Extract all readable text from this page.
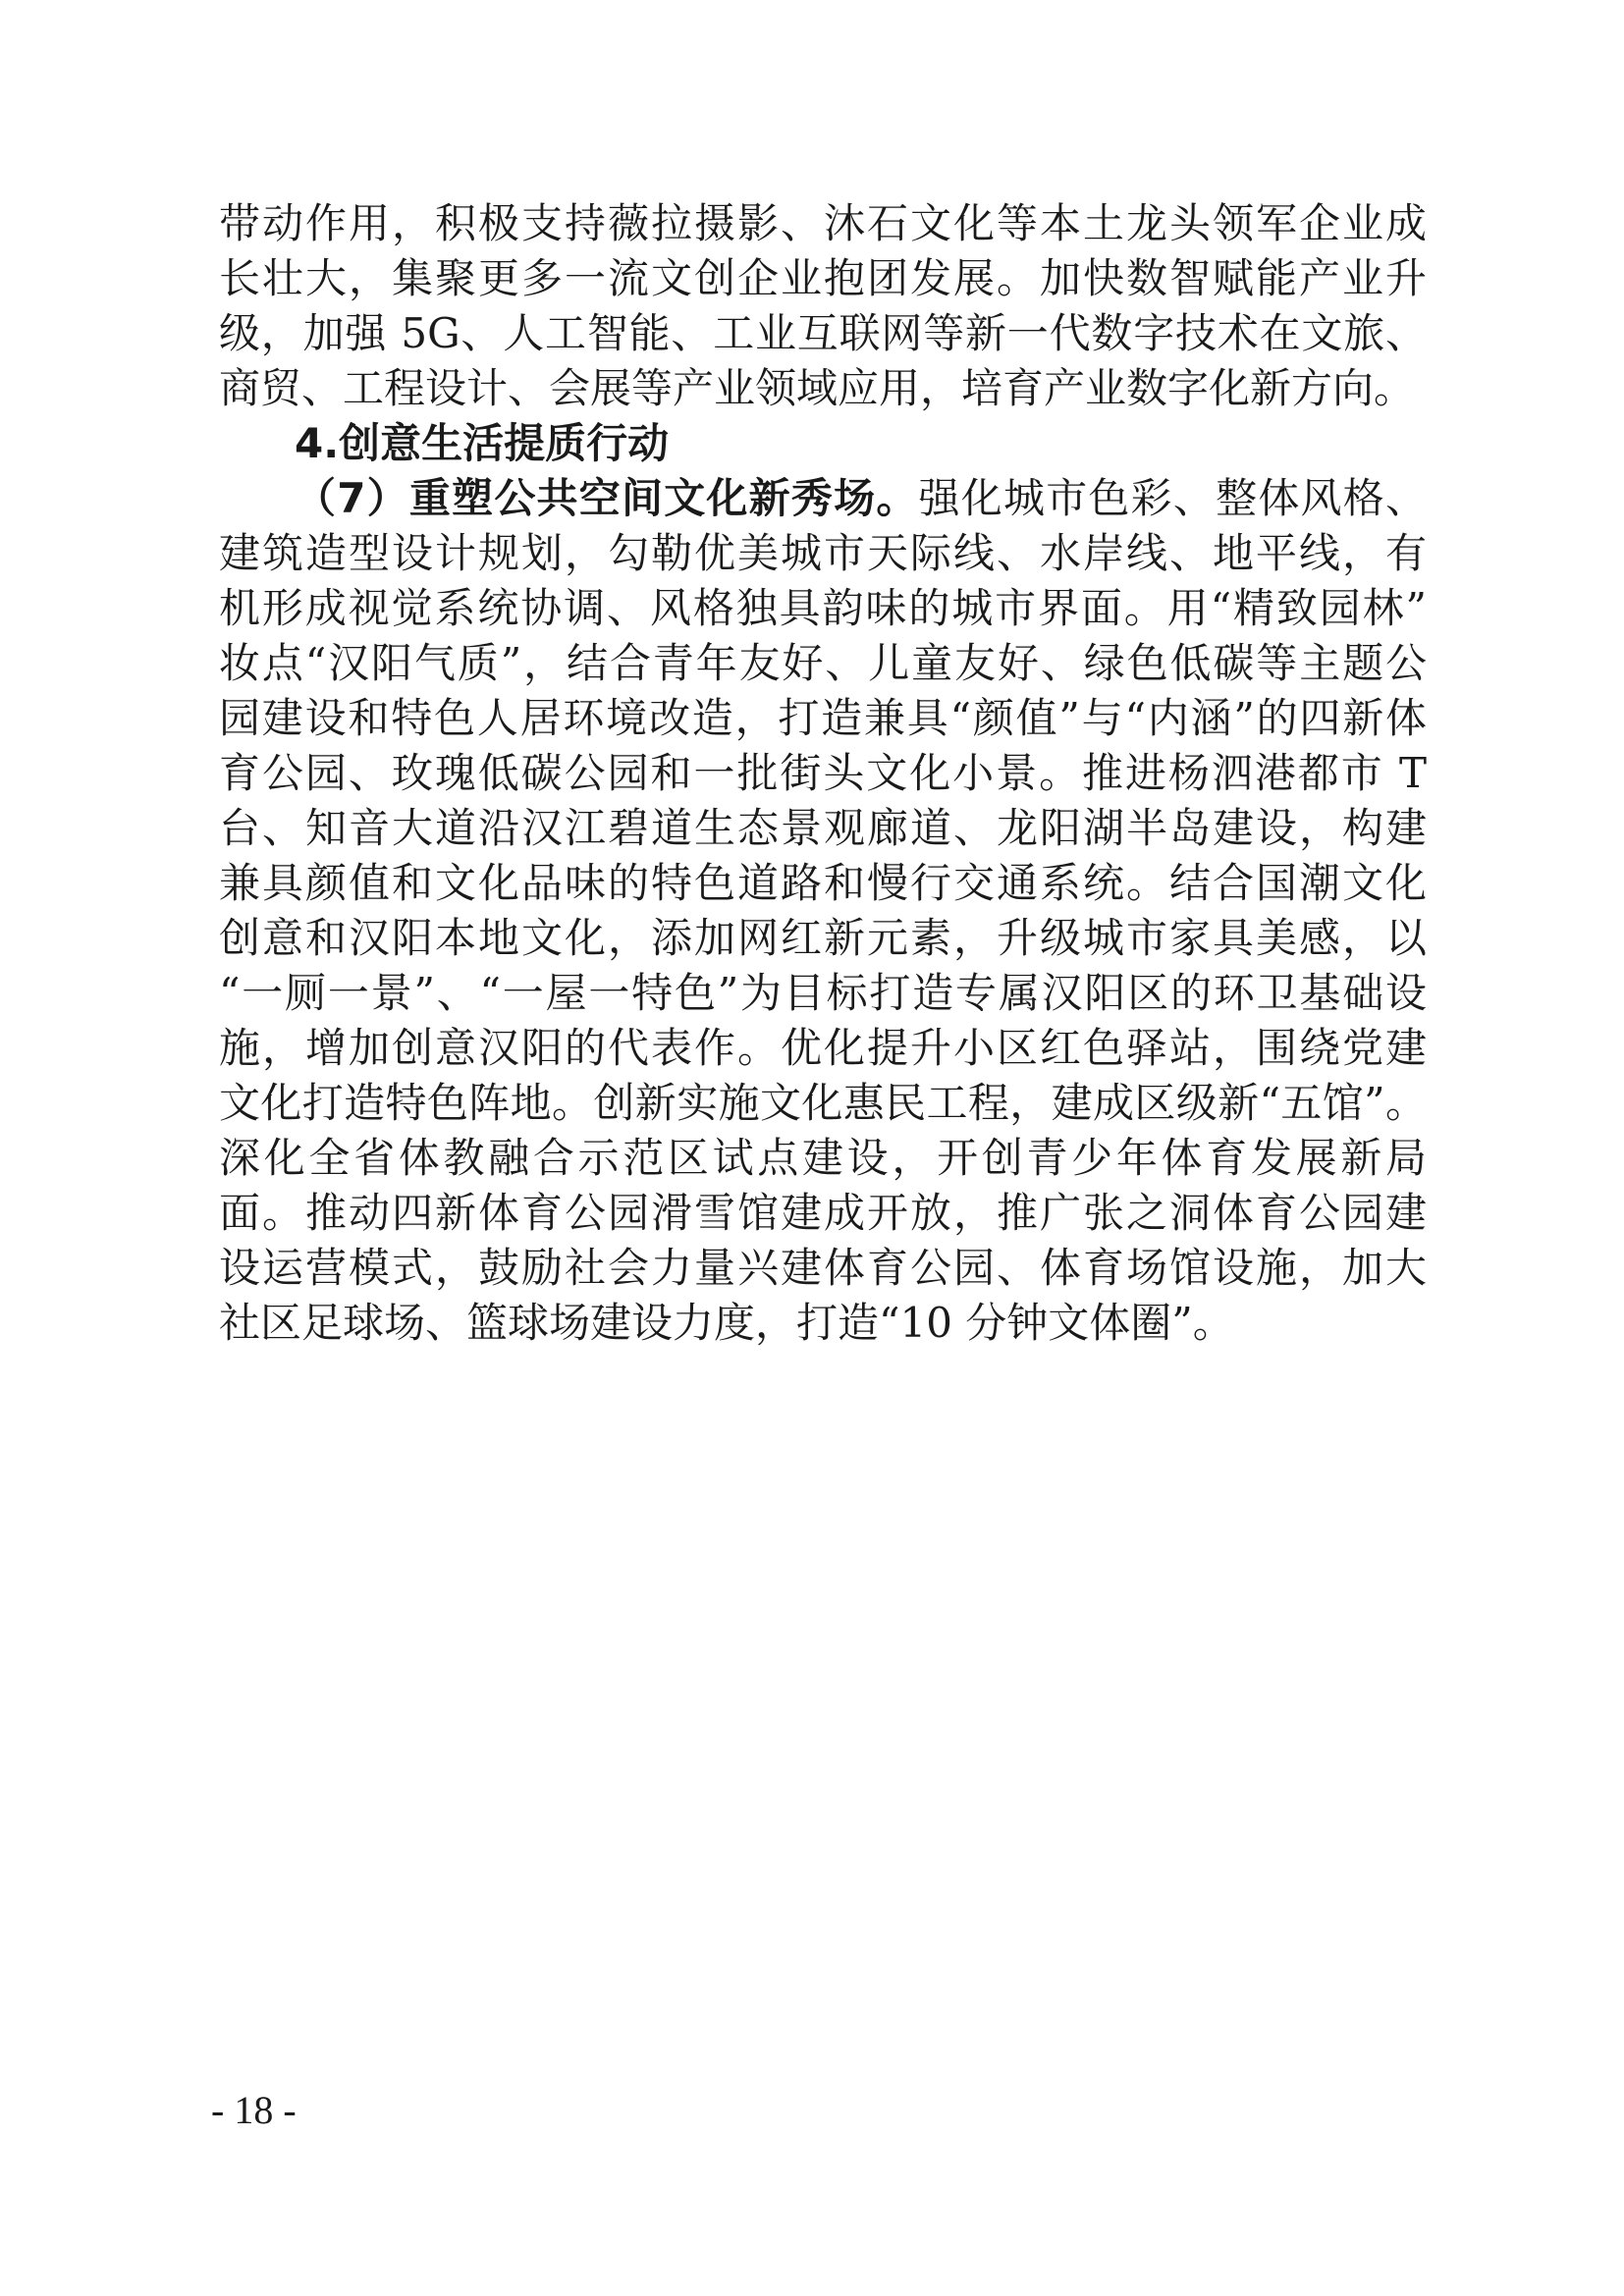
带动作用，积极支持薇拉摄影、沐石文化等本土龙头领军企业成
长壮大，集聚更多一流文创企业抱团发展。加快数智赋能产业升
级，加强 5G、人工智能、工业互联网等新一代数字技术在文旅、
商贸、工程设计、会展等产业领域应用，培育产业数字化新方向。
4.创意生活提质行动
（7）重塑公共空间文化新秀场。强化城市色彩、整体风格、
建筑造型设计规划，勾勒优美城市天际线、水岸线、地平线，有
机形成视觉系统协调、风格独具韵味的城市界面。用“精致园林”
妆点“汉阳气质”，结合青年友好、儿童友好、绿色低碳等主题公
园建设和特色人居环境改造，打造兼具“颜值”与“内涵”的四新体
育公园、玫瑰低碳公园和一批街头文化小景。推进杨泗港都市 T
台、知音大道沿汉江碧道生态景观廊道、龙阳湖半岛建设，构建
兼具颜值和文化品味的特色道路和慢行交通系统。结合国潮文化
创意和汉阳本地文化，添加网红新元素，升级城市家具美感，以
“一厕一景”、“一屋一特色”为目标打造专属汉阳区的环卫基础设
施，增加创意汉阳的代表作。优化提升小区红色驿站，围绕党建
文化打造特色阵地。创新实施文化惠民工程，建成区级新“五馆”。
深化全省体教融合示范区试点建设，开创青少年体育发展新局
面。推动四新体育公园滑雪馆建成开放，推广张之洞体育公园建
设运营模式，鼓励社会力量兴建体育公园、体育场馆设施，加大
社区足球场、篮球场建设力度，打造“10 分钟文体圈”。
- 18 -
